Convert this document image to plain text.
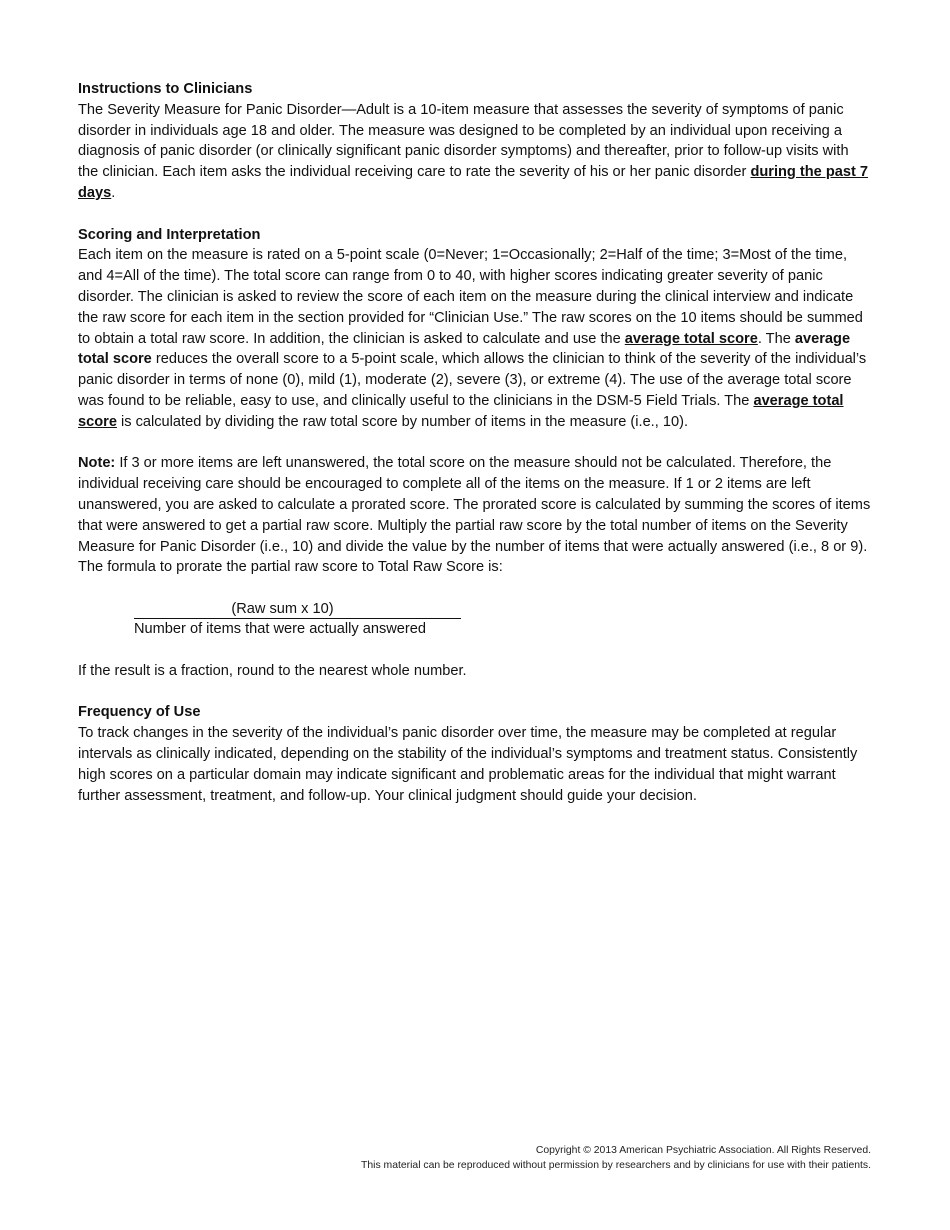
Instructions to Clinicians

The Severity Measure for Panic Disorder—Adult is a 10-item measure that assesses the severity of symptoms of panic disorder in individuals age 18 and older. The measure was designed to be completed by an individual upon receiving a diagnosis of panic disorder (or clinically significant panic disorder symptoms) and thereafter, prior to follow-up visits with the clinician. Each item asks the individual receiving care to rate the severity of his or her panic disorder during the past 7 days.

Scoring and Interpretation

Each item on the measure is rated on a 5-point scale (0=Never; 1=Occasionally; 2=Half of the time; 3=Most of the time, and 4=All of the time). The total score can range from 0 to 40, with higher scores indicating greater severity of panic disorder. The clinician is asked to review the score of each item on the measure during the clinical interview and indicate the raw score for each item in the section provided for “Clinician Use.” The raw scores on the 10 items should be summed to obtain a total raw score. In addition, the clinician is asked to calculate and use the average total score. The average total score reduces the overall score to a 5-point scale, which allows the clinician to think of the severity of the individual’s panic disorder in terms of none (0), mild (1), moderate (2), severe (3), or extreme (4). The use of the average total score was found to be reliable, easy to use, and clinically useful to the clinicians in the DSM-5 Field Trials. The average total score is calculated by dividing the raw total score by number of items in the measure (i.e., 10).

Note: If 3 or more items are left unanswered, the total score on the measure should not be calculated. Therefore, the individual receiving care should be encouraged to complete all of the items on the measure. If 1 or 2 items are left unanswered, you are asked to calculate a prorated score. The prorated score is calculated by summing the scores of items that were answered to get a partial raw score. Multiply the partial raw score by the total number of items on the Severity Measure for Panic Disorder (i.e., 10) and divide the value by the number of items that were actually answered (i.e., 8 or 9). The formula to prorate the partial raw score to Total Raw Score is:

(Raw sum x 10)
Number of items that were actually answered

If the result is a fraction, round to the nearest whole number.

Frequency of Use

To track changes in the severity of the individual’s panic disorder over time, the measure may be completed at regular intervals as clinically indicated, depending on the stability of the individual’s symptoms and treatment status. Consistently high scores on a particular domain may indicate significant and problematic areas for the individual that might warrant further assessment, treatment, and follow-up. Your clinical judgment should guide your decision.

Copyright © 2013 American Psychiatric Association. All Rights Reserved.
This material can be reproduced without permission by researchers and by clinicians for use with their patients.
